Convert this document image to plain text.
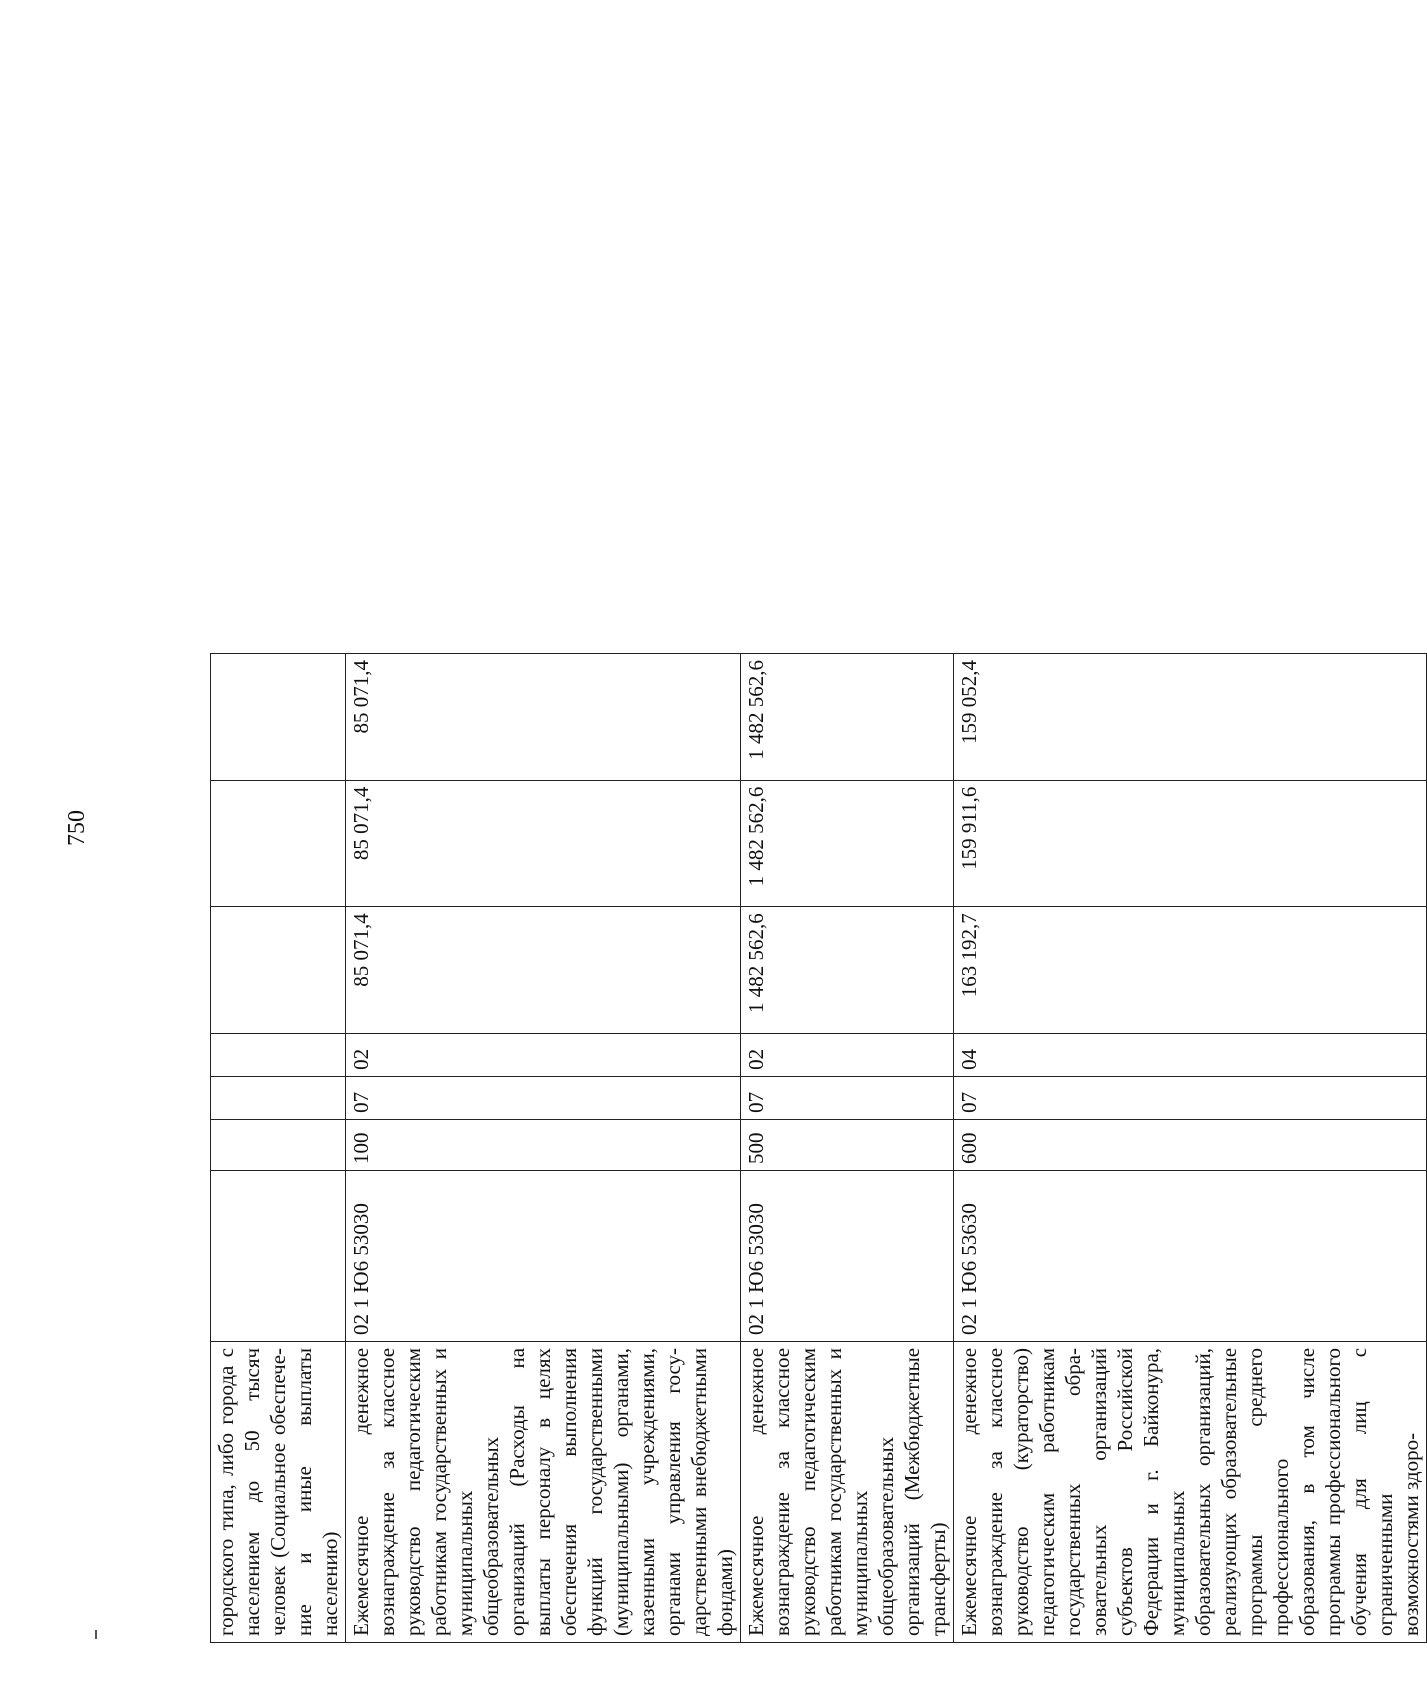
750
городского типа, либо города с населением до 50 тысяч человек (Социальное обеспечение и иные выплаты населению)							
Ежемесячное денежное вознаграждение за классное руководство педагогическим работникам государственных и муниципальных общеобразовательных организаций (Расходы на выплаты персоналу в целях обеспечения выполнения функций государственными (муниципальными) органами, казенными учреждениями, органами управления государственными внебюджетными фондами)	02 1 Ю6 53030	100	07	02	85 071,4	85 071,4	85 071,4
Ежемесячное денежное вознаграждение за классное руководство педагогическим работникам государственных и муниципальных общеобразовательных организаций (Межбюджетные трансферты)	02 1 Ю6 53030	500	07	02	1 482 562,6	1 482 562,6	1 482 562,6
Ежемесячное денежное вознаграждение за классное руководство (кураторство) педагогическим работникам государственных образовательных организаций субъектов Российской Федерации и г. Байконура, муниципальных образовательных организаций, реализующих образовательные программы среднего профессионального образования, в том числе программы профессионального обучения для лиц с ограниченными возможностями здоро-	02 1 Ю6 53630	600	07	04	163 192,7	159 911,6	159 052,4
